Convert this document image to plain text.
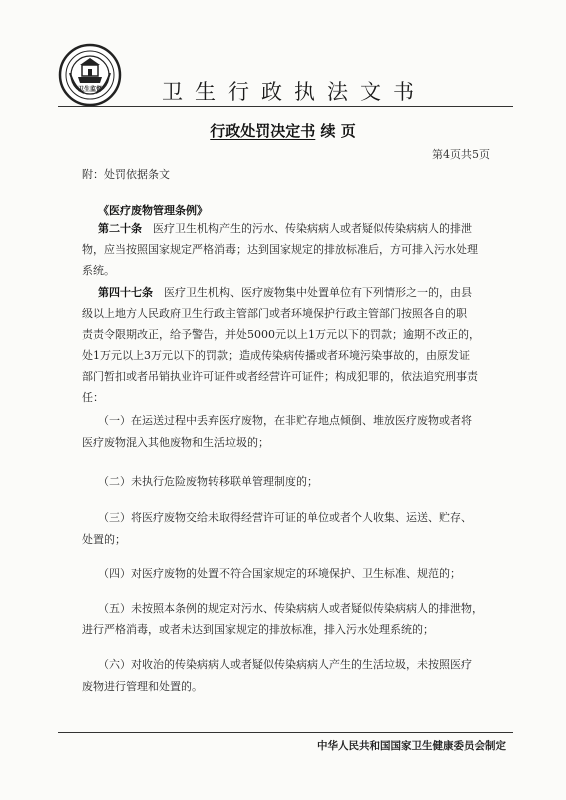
卫生监督	卫生行政执法文书
行政处罚决定书 续 页
第4页共5页
附：处罚依据条文
《医疗废物管理条例》
第二十条　医疗卫生机构产生的污水、传染病病人或者疑似传染病病人的排泄
物，应当按照国家规定严格消毒；达到国家规定的排放标准后，方可排入污水处理
系统。
第四十七条　医疗卫生机构、医疗废物集中处置单位有下列情形之一的，由县
级以上地方人民政府卫生行政主管部门或者环境保护行政主管部门按照各自的职
责责令限期改正，给予警告，并处5000元以上1万元以下的罚款；逾期不改正的，
处1万元以上3万元以下的罚款；造成传染病传播或者环境污染事故的，由原发证
部门暂扣或者吊销执业许可证件或者经营许可证件；构成犯罪的，依法追究刑事责
任：
（一）在运送过程中丢弃医疗废物，在非贮存地点倾倒、堆放医疗废物或者将
医疗废物混入其他废物和生活垃圾的；
（二）未执行危险废物转移联单管理制度的；
（三）将医疗废物交给未取得经营许可证的单位或者个人收集、运送、贮存、
处置的；
（四）对医疗废物的处置不符合国家规定的环境保护、卫生标准、规范的；
（五）未按照本条例的规定对污水、传染病病人或者疑似传染病病人的排泄物，
进行严格消毒，或者未达到国家规定的排放标准，排入污水处理系统的；
（六）对收治的传染病病人或者疑似传染病病人产生的生活垃圾，未按照医疗
废物进行管理和处置的。
中华人民共和国国家卫生健康委员会制定
